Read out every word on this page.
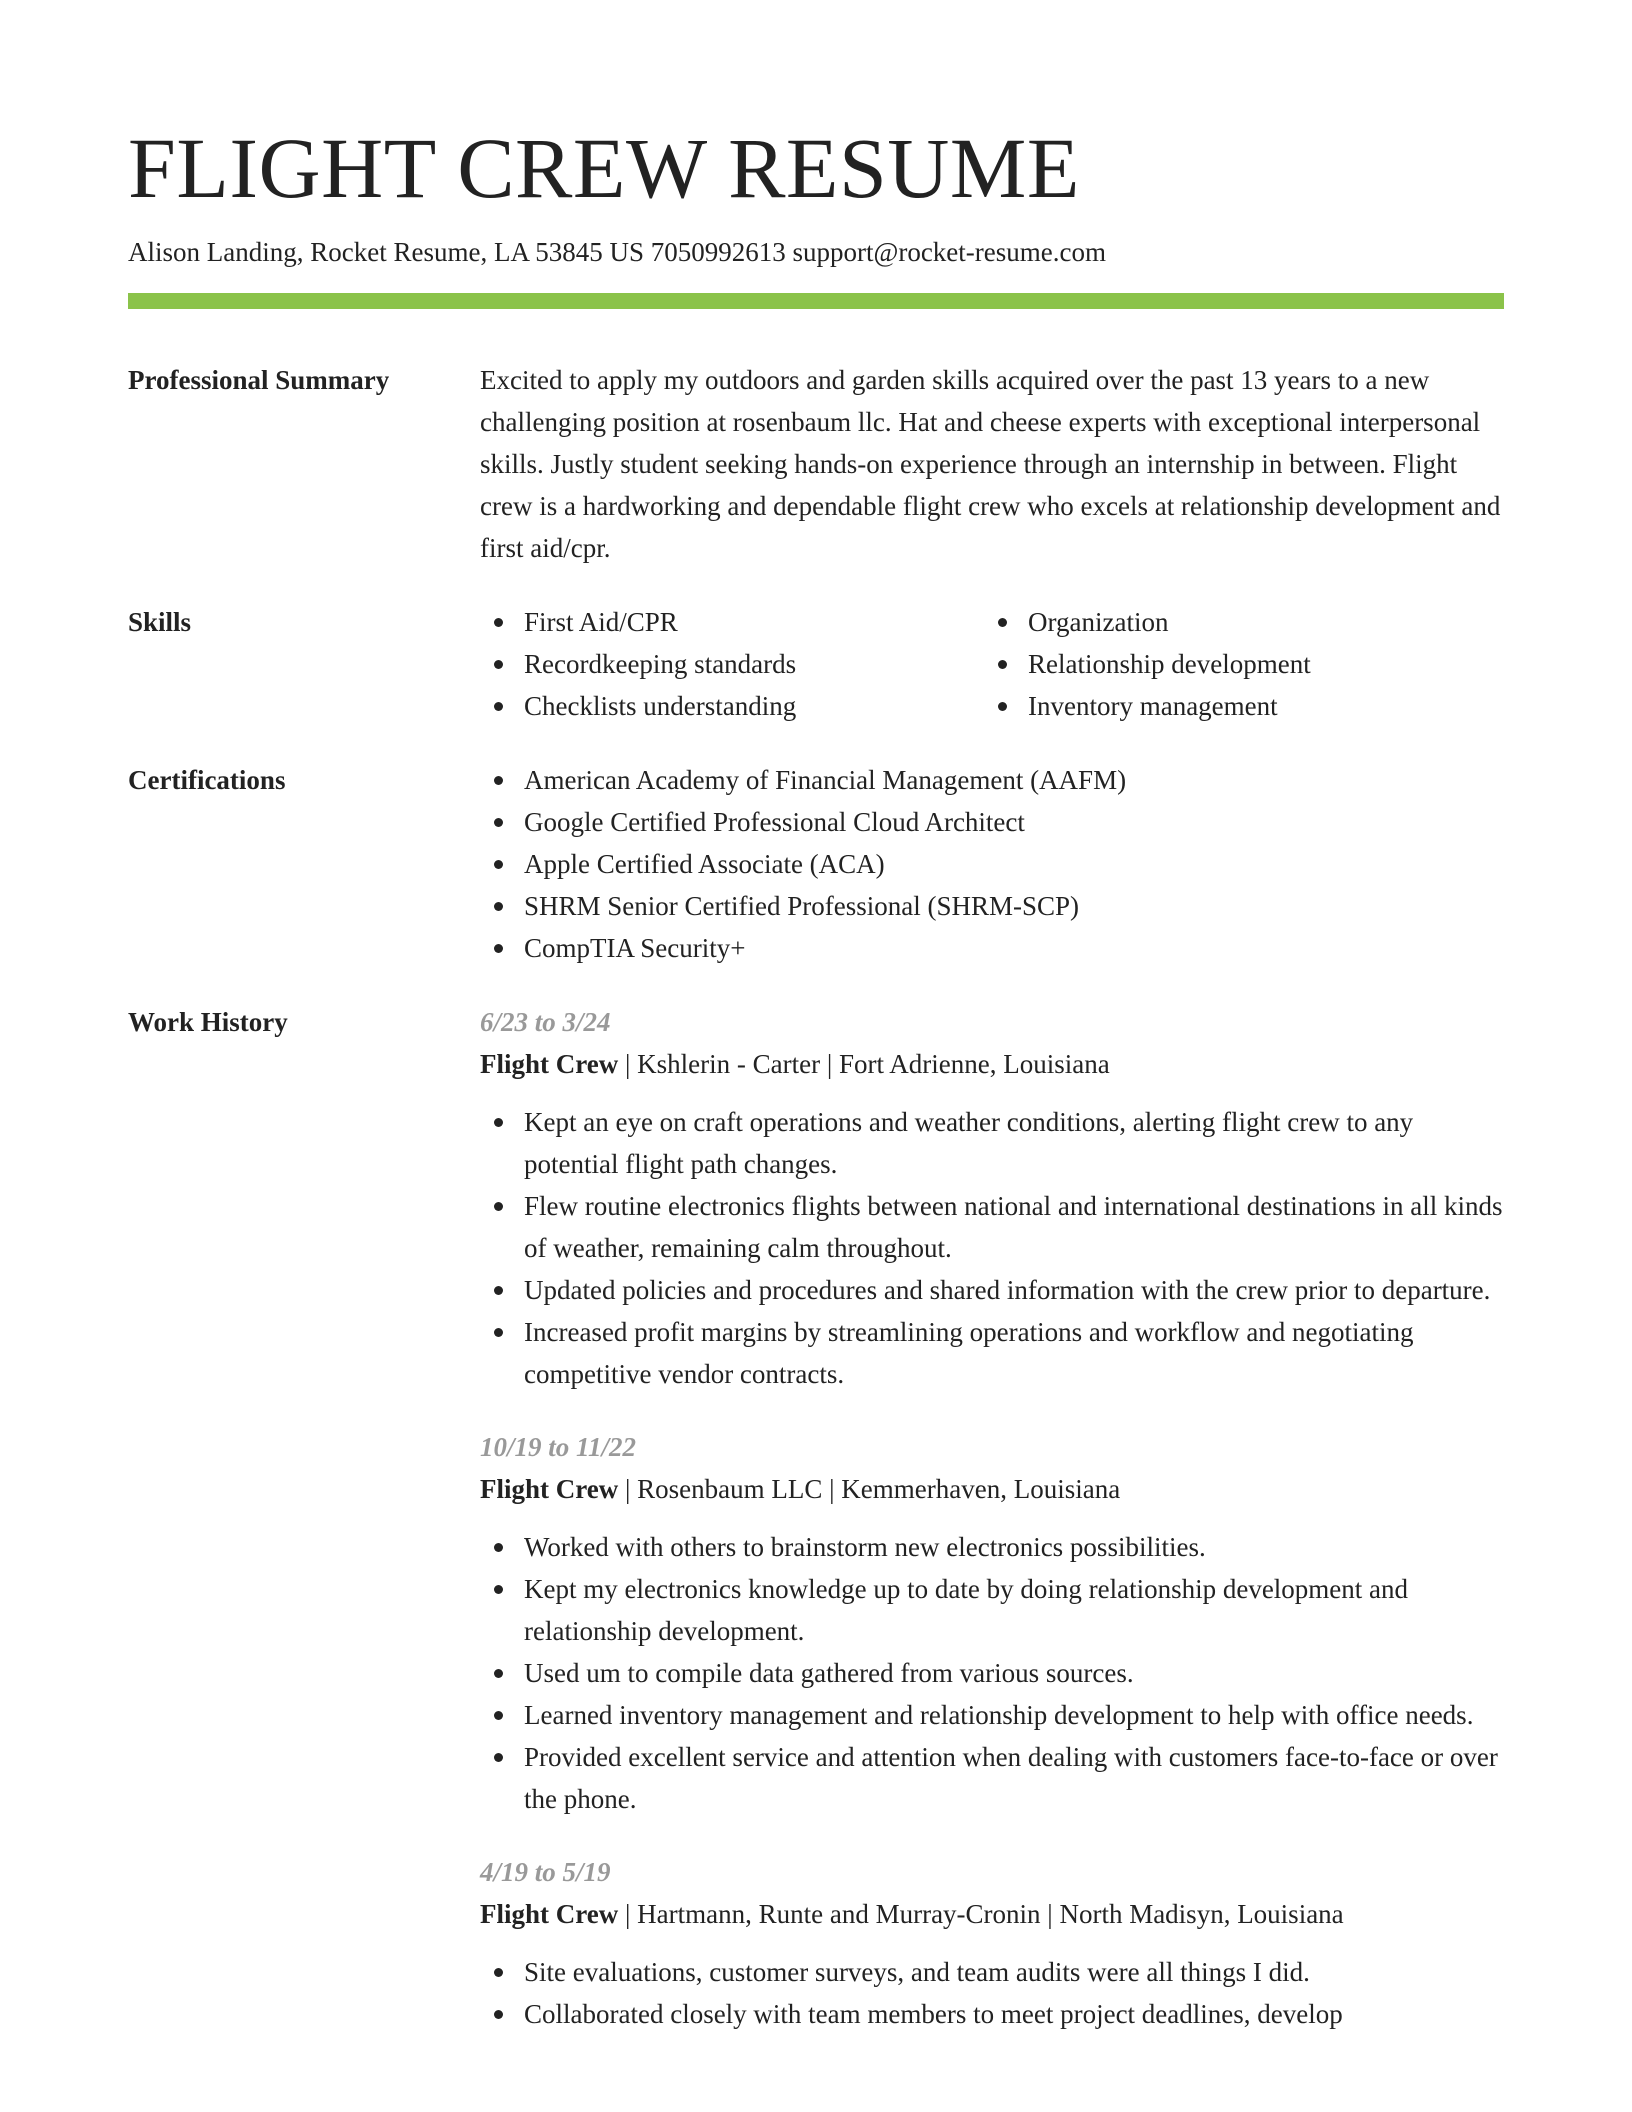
FLIGHT CREW RESUME
Alison Landing, Rocket Resume, LA 53845 US 7050992613 support@rocket-resume.com
Professional Summary	Excited to apply my outdoors and garden skills acquired over the past 13 years to a new challenging position at rosenbaum llc. Hat and cheese experts with exceptional interpersonal skills. Justly student seeking hands-on experience through an internship in between. Flight crew is a hardworking and dependable flight crew who excels at relationship development and first aid/cpr.

Skills	First Aid/CPR
Recordkeeping standards
Checklists understanding
Organization
Relationship development
Inventory management
Certifications	American Academy of Financial Management (AAFM)
Google Certified Professional Cloud Architect
Apple Certified Associate (ACA)
SHRM Senior Certified Professional (SHRM-SCP)
CompTIA Security+
Work History	6/23 to 3/24
Flight Crew | Kshlerin - Carter | Fort Adrienne, Louisiana
Kept an eye on craft operations and weather conditions, alerting flight crew to any potential flight path changes.
Flew routine electronics flights between national and international destinations in all kinds of weather, remaining calm throughout.
Updated policies and procedures and shared information with the crew prior to departure.
Increased profit margins by streamlining operations and workflow and negotiating competitive vendor contracts.
10/19 to 11/22
Flight Crew | Rosenbaum LLC | Kemmerhaven, Louisiana
Worked with others to brainstorm new electronics possibilities.
Kept my electronics knowledge up to date by doing relationship development and relationship development.
Used um to compile data gathered from various sources.
Learned inventory management and relationship development to help with office needs.
Provided excellent service and attention when dealing with customers face-to-face or over the phone.
4/19 to 5/19
Flight Crew | Hartmann, Runte and Murray-Cronin | North Madisyn, Louisiana
Site evaluations, customer surveys, and team audits were all things I did.
Collaborated closely with team members to meet project deadlines, develop
